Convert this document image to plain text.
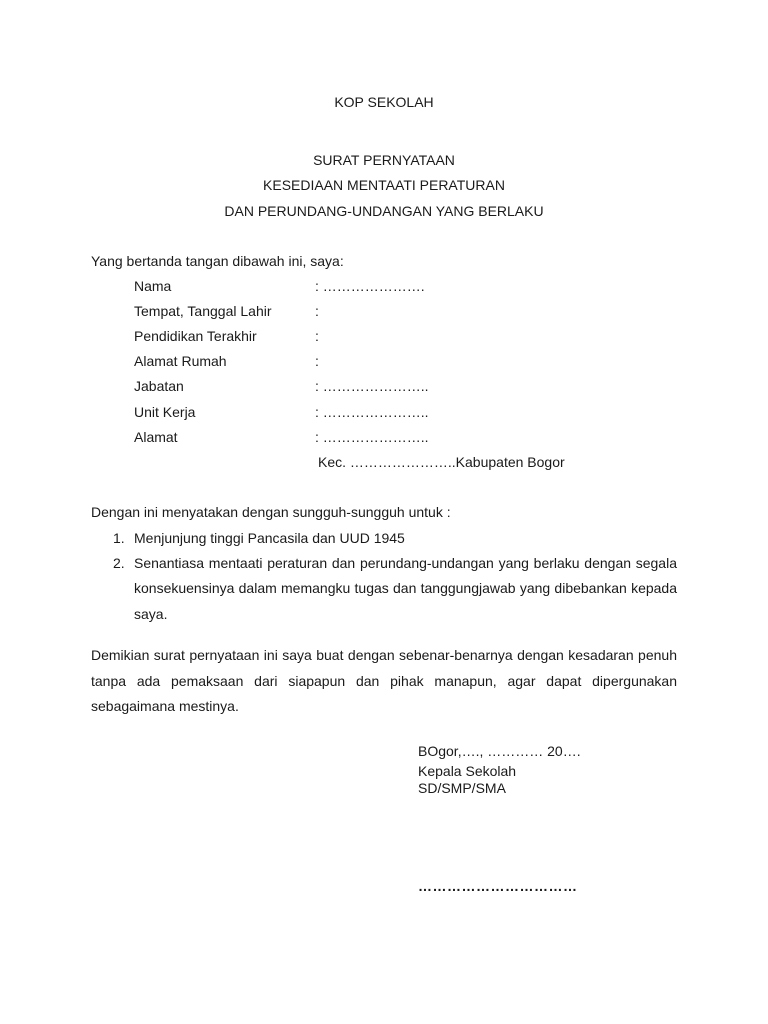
KOP SEKOLAH
SURAT PERNYATAAN
KESEDIAAN MENTAATI PERATURAN
DAN PERUNDANG-UNDANGAN YANG BERLAKU
Yang bertanda tangan dibawah ini, saya:
Nama	: ………………….
Tempat, Tanggal Lahir	:
Pendidikan Terakhir	:
Alamat Rumah	:
Jabatan	: …………………..
Unit Kerja	: …………………..
Alamat	: …………………..
Kec. …………………..Kabupaten Bogor
Dengan ini menyatakan dengan sungguh-sungguh untuk :
1. Menjunjung tinggi Pancasila dan UUD 1945
2. Senantiasa mentaati peraturan dan perundang-undangan yang berlaku dengan segala
konsekuensinya dalam memangku tugas dan tanggungjawab yang dibebankan kepada
saya.
Demikian surat pernyataan ini saya buat dengan sebenar-benarnya dengan kesadaran penuh
tanpa ada pemaksaan dari siapapun dan pihak manapun, agar dapat dipergunakan
sebagaimana mestinya.
BOgor,…., ………… 20….
Kepala Sekolah
SD/SMP/SMA
……………………………
